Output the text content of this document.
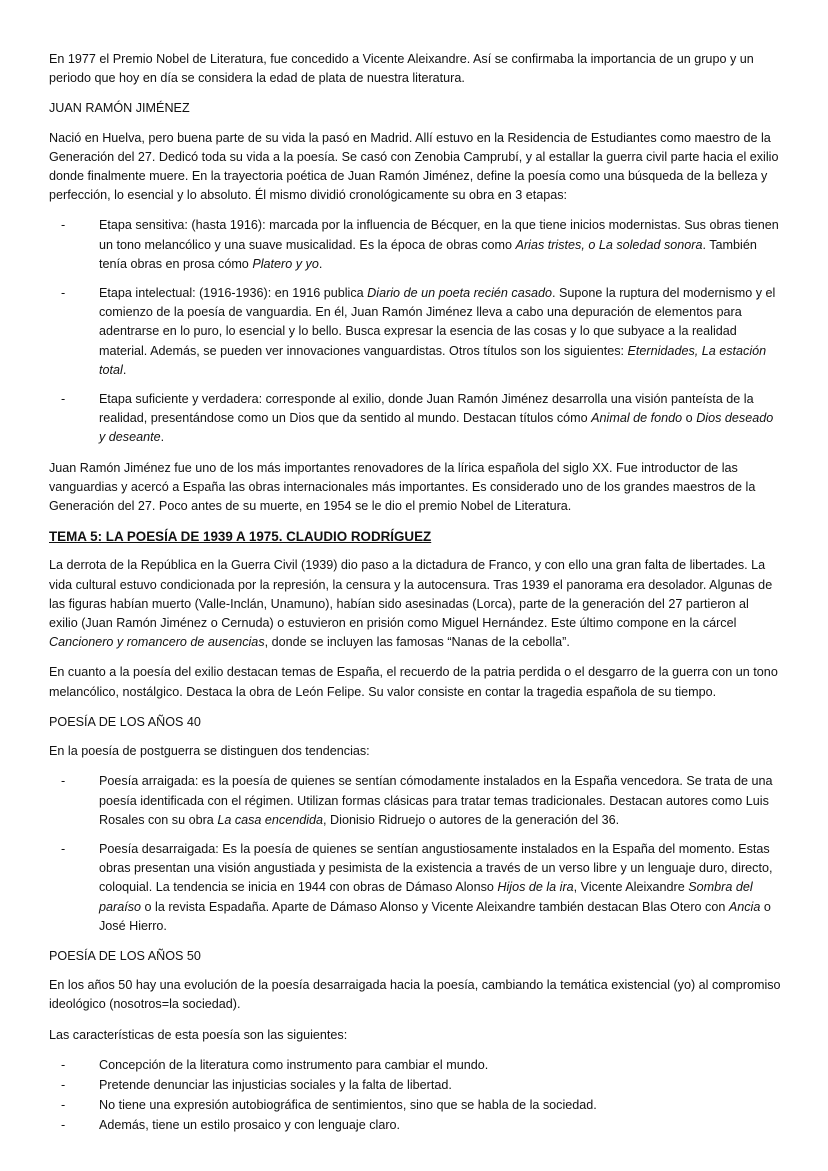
En 1977 el Premio Nobel de Literatura, fue concedido a Vicente Aleixandre. Así se confirmaba la importancia de un grupo y un periodo que hoy en día se considera la edad de plata de nuestra literatura.

JUAN RAMÓN JIMÉNEZ

Nació en Huelva, pero buena parte de su vida la pasó en Madrid. Allí estuvo en la Residencia de Estudiantes como maestro de la Generación del 27. Dedicó toda su vida a la poesía. Se casó con Zenobia Camprubí, y al estallar la guerra civil parte hacia el exilio donde finalmente muere. En la trayectoria poética de Juan Ramón Jiménez, define la poesía como una búsqueda de la belleza y perfección, lo esencial y lo absoluto. Él mismo dividió cronológicamente su obra en 3 etapas:

-	Etapa sensitiva: (hasta 1916): marcada por la influencia de Bécquer, en la que tiene inicios modernistas. Sus obras tienen un tono melancólico y una suave musicalidad. Es la época de obras como Arias tristes, o La soledad sonora. También tenía obras en prosa cómo Platero y yo.
-	Etapa intelectual: (1916-1936): en 1916 publica Diario de un poeta recién casado. Supone la ruptura del modernismo y el comienzo de la poesía de vanguardia. En él, Juan Ramón Jiménez lleva a cabo una depuración de elementos para adentrarse en lo puro, lo esencial y lo bello. Busca expresar la esencia de las cosas y lo que subyace a la realidad material. Además, se pueden ver innovaciones vanguardistas. Otros títulos son los siguientes: Eternidades, La estación total.
-	Etapa suficiente y verdadera: corresponde al exilio, donde Juan Ramón Jiménez desarrolla una visión panteísta de la realidad, presentándose como un Dios que da sentido al mundo. Destacan títulos cómo Animal de fondo o Dios deseado y deseante.

Juan Ramón Jiménez fue uno de los más importantes renovadores de la lírica española del siglo XX. Fue introductor de las vanguardias y acercó a España las obras internacionales más importantes. Es considerado uno de los grandes maestros de la Generación del 27. Poco antes de su muerte, en 1954 se le dio el premio Nobel de Literatura.

TEMA 5: LA POESÍA DE 1939 A 1975. CLAUDIO RODRÍGUEZ

La derrota de la República en la Guerra Civil (1939) dio paso a la dictadura de Franco, y con ello una gran falta de libertades. La vida cultural estuvo condicionada por la represión, la censura y la autocensura. Tras 1939 el panorama era desolador. Algunas de las figuras habían muerto (Valle-Inclán, Unamuno), habían sido asesinadas (Lorca), parte de la generación del 27 partieron al exilio (Juan Ramón Jiménez o Cernuda) o estuvieron en prisión como Miguel Hernández. Este último compone en la cárcel Cancionero y romancero de ausencias, donde se incluyen las famosas “Nanas de la cebolla”.

En cuanto a la poesía del exilio destacan temas de España, el recuerdo de la patria perdida o el desgarro de la guerra con un tono melancólico, nostálgico. Destaca la obra de León Felipe. Su valor consiste en contar la tragedia española de su tiempo.

POESÍA DE LOS AÑOS 40

En la poesía de postguerra se distinguen dos tendencias:

-	Poesía arraigada: es la poesía de quienes se sentían cómodamente instalados en la España vencedora. Se trata de una poesía identificada con el régimen. Utilizan formas clásicas para tratar temas tradicionales. Destacan autores como Luis Rosales con su obra La casa encendida, Dionisio Ridruejo o autores de la generación del 36.
-	Poesía desarraigada: Es la poesía de quienes se sentían angustiosamente instalados en la España del momento. Estas obras presentan una visión angustiada y pesimista de la existencia a través de un verso libre y un lenguaje duro, directo, coloquial. La tendencia se inicia en 1944 con obras de Dámaso Alonso Hijos de la ira, Vicente Aleixandre Sombra del paraíso o la revista Espadaña. Aparte de Dámaso Alonso y Vicente Aleixandre también destacan Blas Otero con Ancia o José Hierro.

POESÍA DE LOS AÑOS 50

En los años 50 hay una evolución de la poesía desarraigada hacia la poesía, cambiando la temática existencial (yo) al compromiso ideológico (nosotros=la sociedad).

Las características de esta poesía son las siguientes:

-	Concepción de la literatura como instrumento para cambiar el mundo.
-	Pretende denunciar las injusticias sociales y la falta de libertad.
-	No tiene una expresión autobiográfica de sentimientos, sino que se habla de la sociedad.
-	Además, tiene un estilo prosaico y con lenguaje claro.
